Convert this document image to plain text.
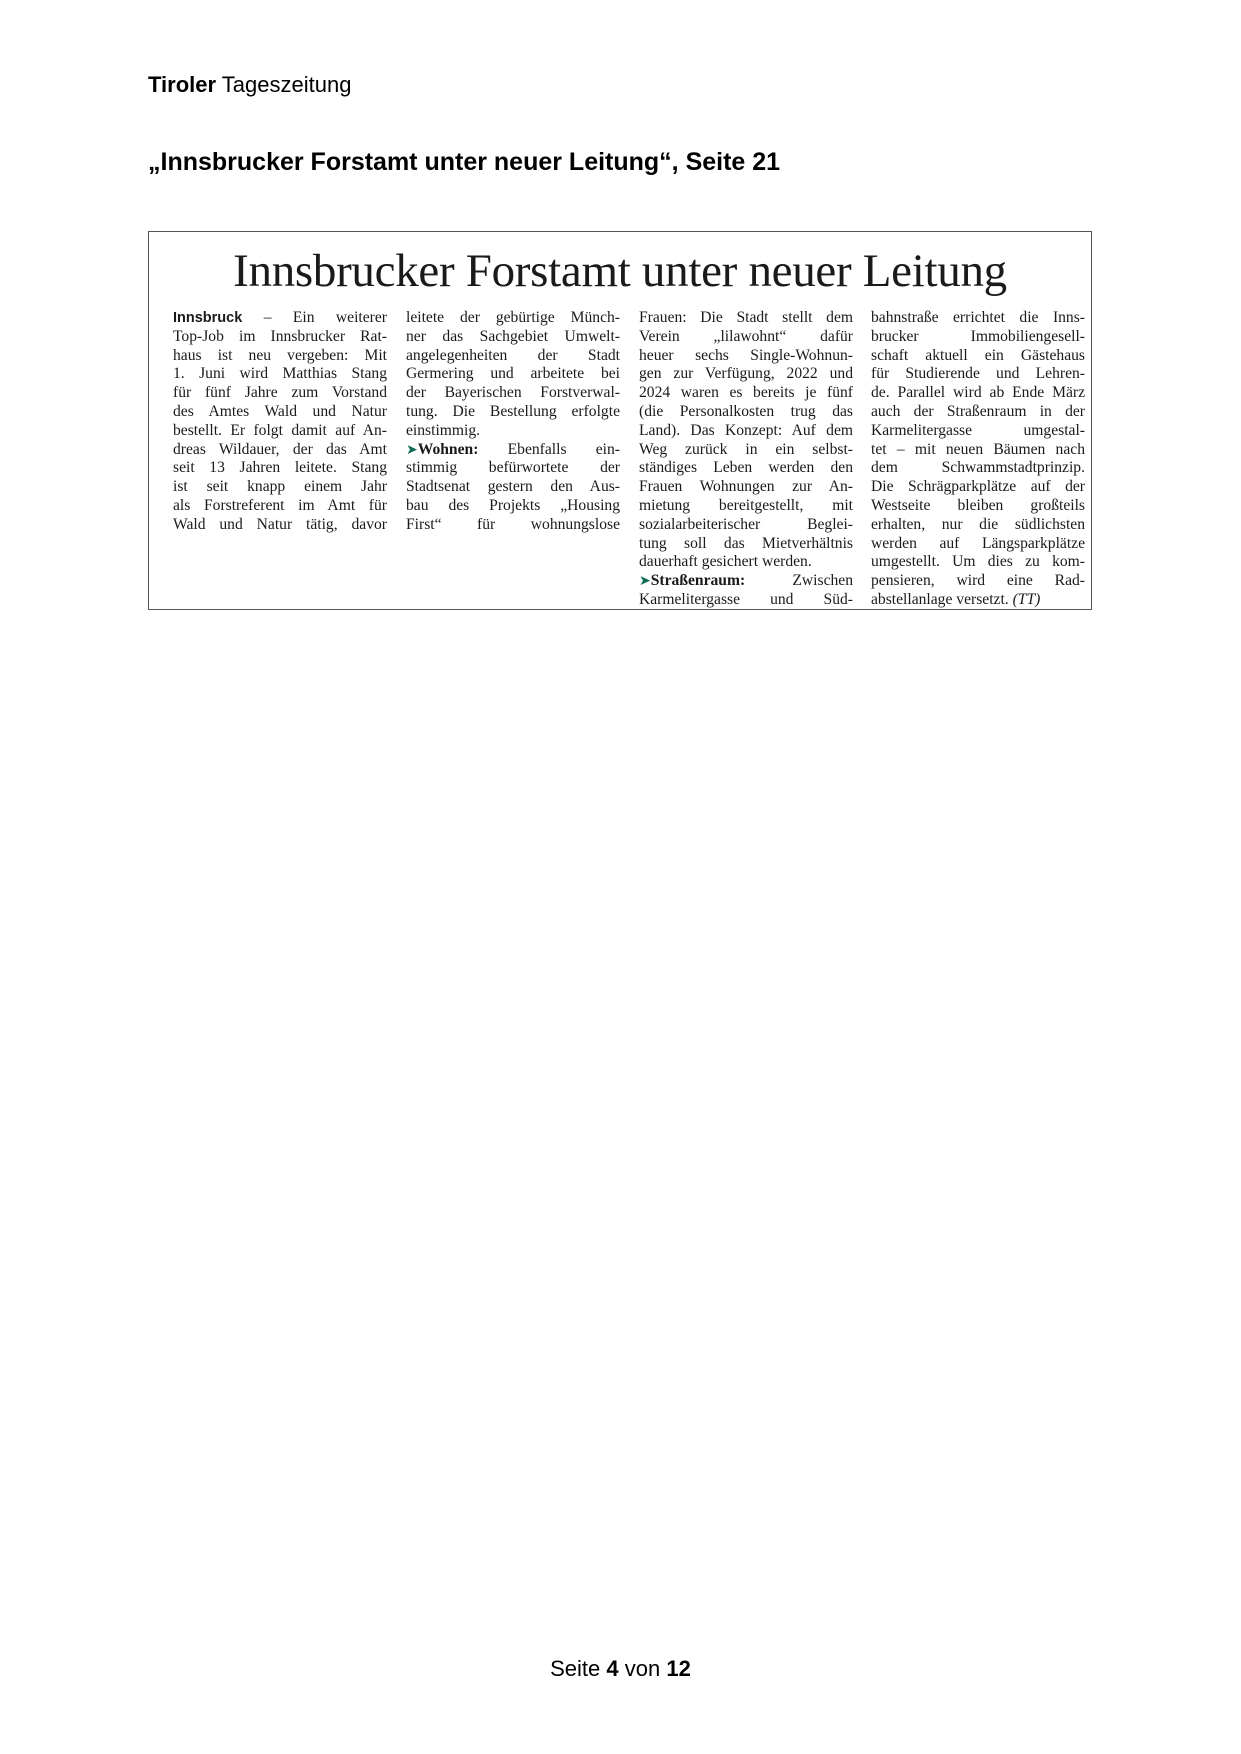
Tiroler Tageszeitung
„Innsbrucker Forstamt unter neuer Leitung“, Seite 21
Innsbrucker Forstamt unter neuer Leitung
Innsbruck – Ein weiterer
Top-Job im Innsbrucker Rat-
haus ist neu vergeben: Mit
1. Juni wird Matthias Stang
für fünf Jahre zum Vorstand
des Amtes Wald und Natur
bestellt. Er folgt damit auf An-
dreas Wildauer, der das Amt
seit 13 Jahren leitete. Stang
ist seit knapp einem Jahr
als Forstreferent im Amt für
Wald und Natur tätig, davor
leitete der gebürtige Münch-
ner das Sachgebiet Umwelt-
angelegenheiten der Stadt
Germering und arbeitete bei
der Bayerischen Forstverwal-
tung. Die Bestellung erfolgte
einstimmig.
➤Wohnen: Ebenfalls ein-
stimmig befürwortete der
Stadtsenat gestern den Aus-
bau des Projekts „Housing
First“ für wohnungslose
Frauen: Die Stadt stellt dem
Verein „lilawohnt“ dafür
heuer sechs Single-Wohnun-
gen zur Verfügung, 2022 und
2024 waren es bereits je fünf
(die Personalkosten trug das
Land). Das Konzept: Auf dem
Weg zurück in ein selbst-
ständiges Leben werden den
Frauen Wohnungen zur An-
mietung bereitgestellt, mit
sozialarbeiterischer Beglei-
tung soll das Mietverhältnis
dauerhaft gesichert werden.
➤Straßenraum:	Zwischen
Karmelitergasse und Süd-
bahnstraße errichtet die Inns-
brucker Immobiliengesell-
schaft aktuell ein Gästehaus
für Studierende und Lehren-
de. Parallel wird ab Ende März
auch der Straßenraum in der
Karmelitergasse umgestal-
tet – mit neuen Bäumen nach
dem Schwammstadtprinzip.
Die Schrägparkplätze auf der
Westseite bleiben großteils
erhalten, nur die südlichsten
werden auf Längsparkplätze
umgestellt. Um dies zu kom-
pensieren, wird eine Rad-
abstellanlage versetzt. (TT)
Seite 4 von 12
